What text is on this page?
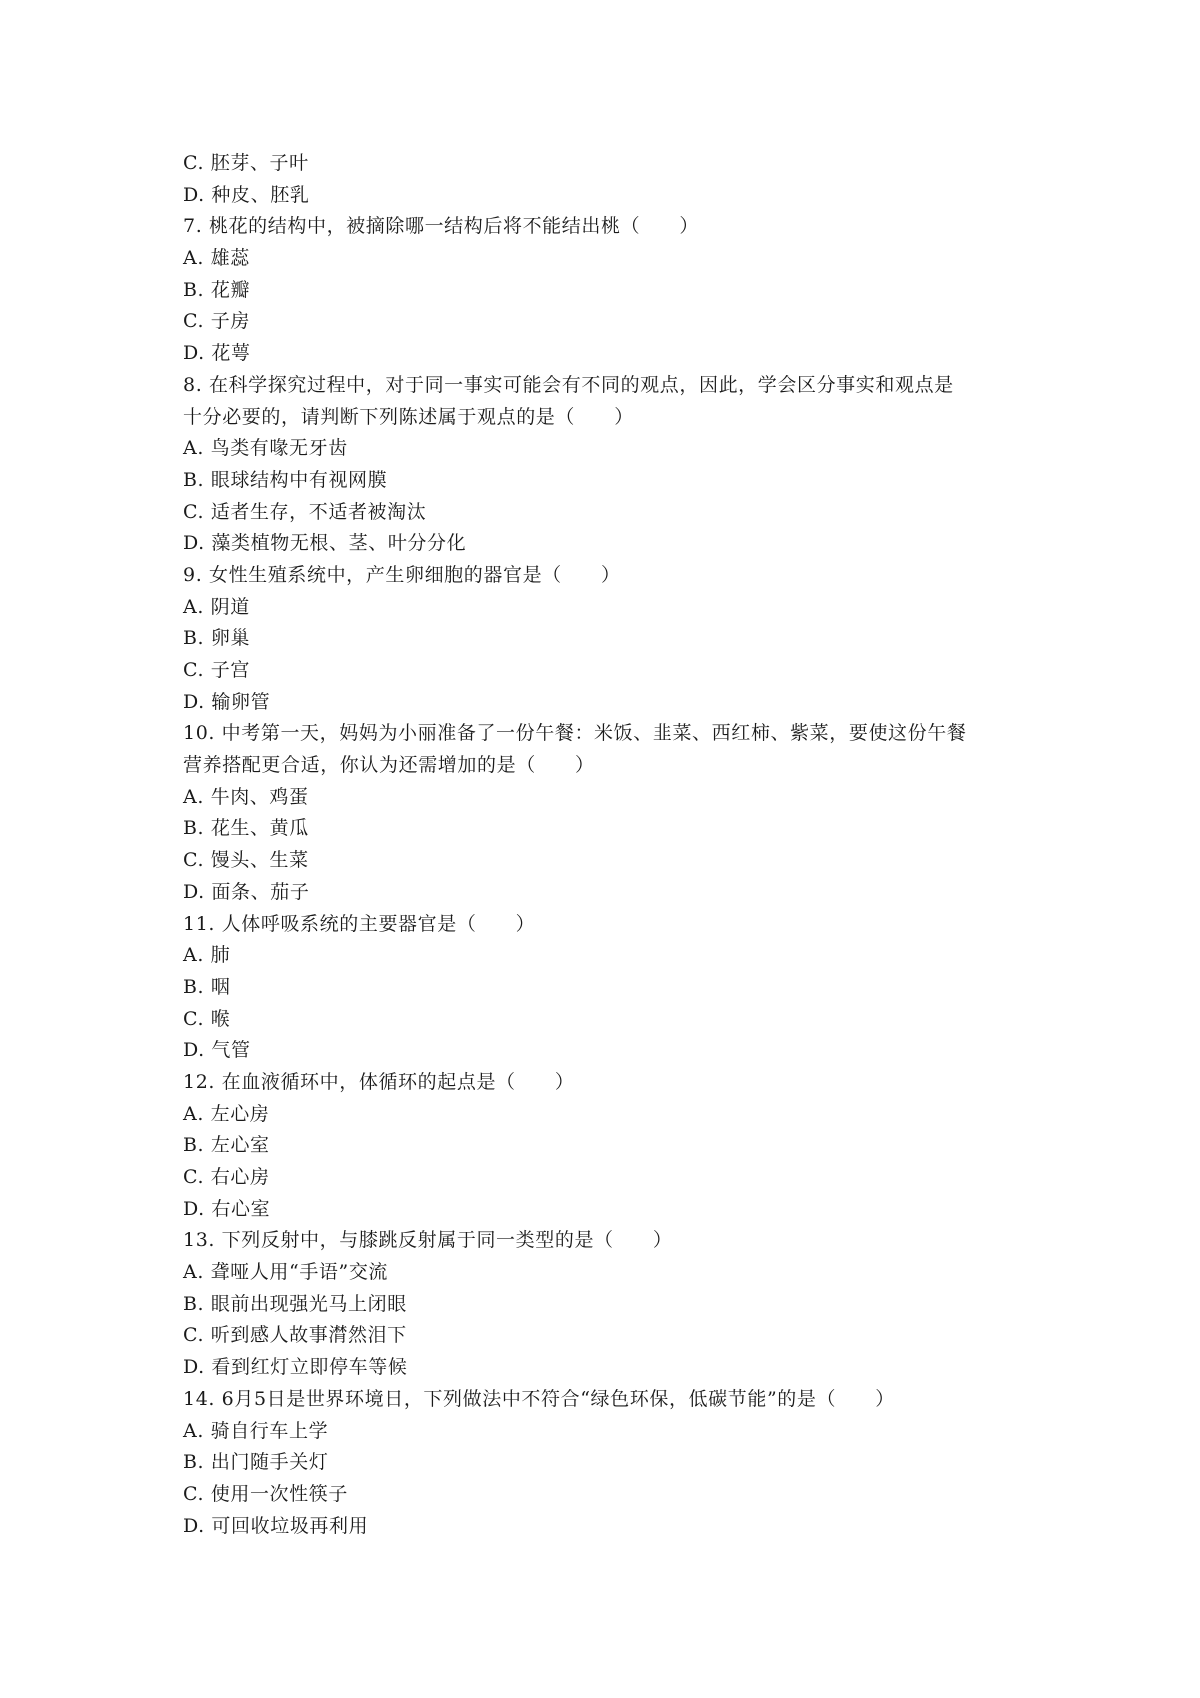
C. 胚芽、子叶
D. 种皮、胚乳
7. 桃花的结构中，被摘除哪一结构后将不能结出桃（　　）
A. 雄蕊
B. 花瓣
C. 子房
D. 花萼
8. 在科学探究过程中，对于同一事实可能会有不同的观点，因此，学会区分事实和观点是
十分必要的，请判断下列陈述属于观点的是（　　）
A. 鸟类有喙无牙齿
B. 眼球结构中有视网膜
C. 适者生存，不适者被淘汰
D. 藻类植物无根、茎、叶分分化
9. 女性生殖系统中，产生卵细胞的器官是（　　）
A. 阴道
B. 卵巢
C. 子宫
D. 输卵管
10. 中考第一天，妈妈为小丽准备了一份午餐：米饭、韭菜、西红柿、紫菜，要使这份午餐
营养搭配更合适，你认为还需增加的是（　　）
A. 牛肉、鸡蛋
B. 花生、黄瓜
C. 馒头、生菜
D. 面条、茄子
11. 人体呼吸系统的主要器官是（　　）
A. 肺
B. 咽
C. 喉
D. 气管
12. 在血液循环中，体循环的起点是（　　）
A. 左心房
B. 左心室
C. 右心房
D. 右心室
13. 下列反射中，与膝跳反射属于同一类型的是（　　）
A. 聋哑人用“手语”交流
B. 眼前出现强光马上闭眼
C. 听到感人故事潸然泪下
D. 看到红灯立即停车等候
14. 6月5日是世界环境日，下列做法中不符合“绿色环保，低碳节能”的是（　　）
A. 骑自行车上学
B. 出门随手关灯
C. 使用一次性筷子
D. 可回收垃圾再利用
